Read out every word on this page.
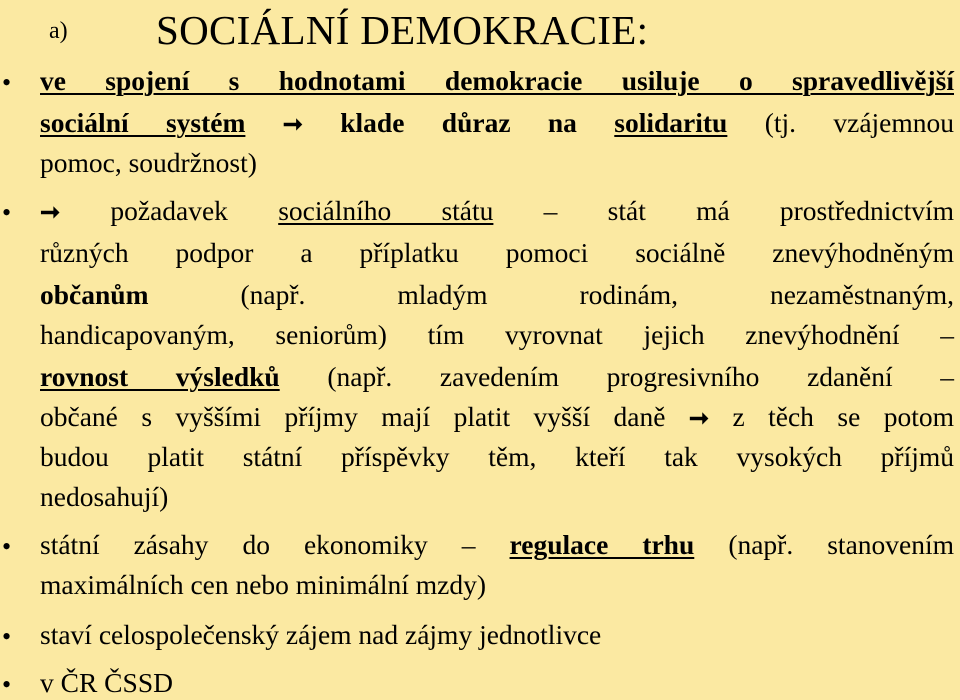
a) SOCIÁLNÍ DEMOKRACIE:
• ve spojení s hodnotami demokracie usiluje o spravedlivější
sociální systém ➞ klade důraz na solidaritu (tj. vzájemnou
pomoc, soudržnost)
• ➞ požadavek sociálního státu – stát má prostřednictvím
různých podpor a příplatku pomoci sociálně znevýhodněným
občanům	(např. mladým rodinám, nezaměstnaným,
handicapovaným, seniorům) tím vyrovnat jejich znevýhodnění –
rovnost výsledků (např. zavedením progresivního zdanění –
občané s vyššími příjmy mají platit vyšší daně ➞ z těch se potom
budou platit státní příspěvky těm, kteří tak vysokých příjmů
nedosahují)
• státní zásahy do ekonomiky – regulace trhu (např. stanovením
maximálních cen nebo minimální mzdy)
• staví celospolečenský zájem nad zájmy jednotlivce
• v ČR ČSSD
